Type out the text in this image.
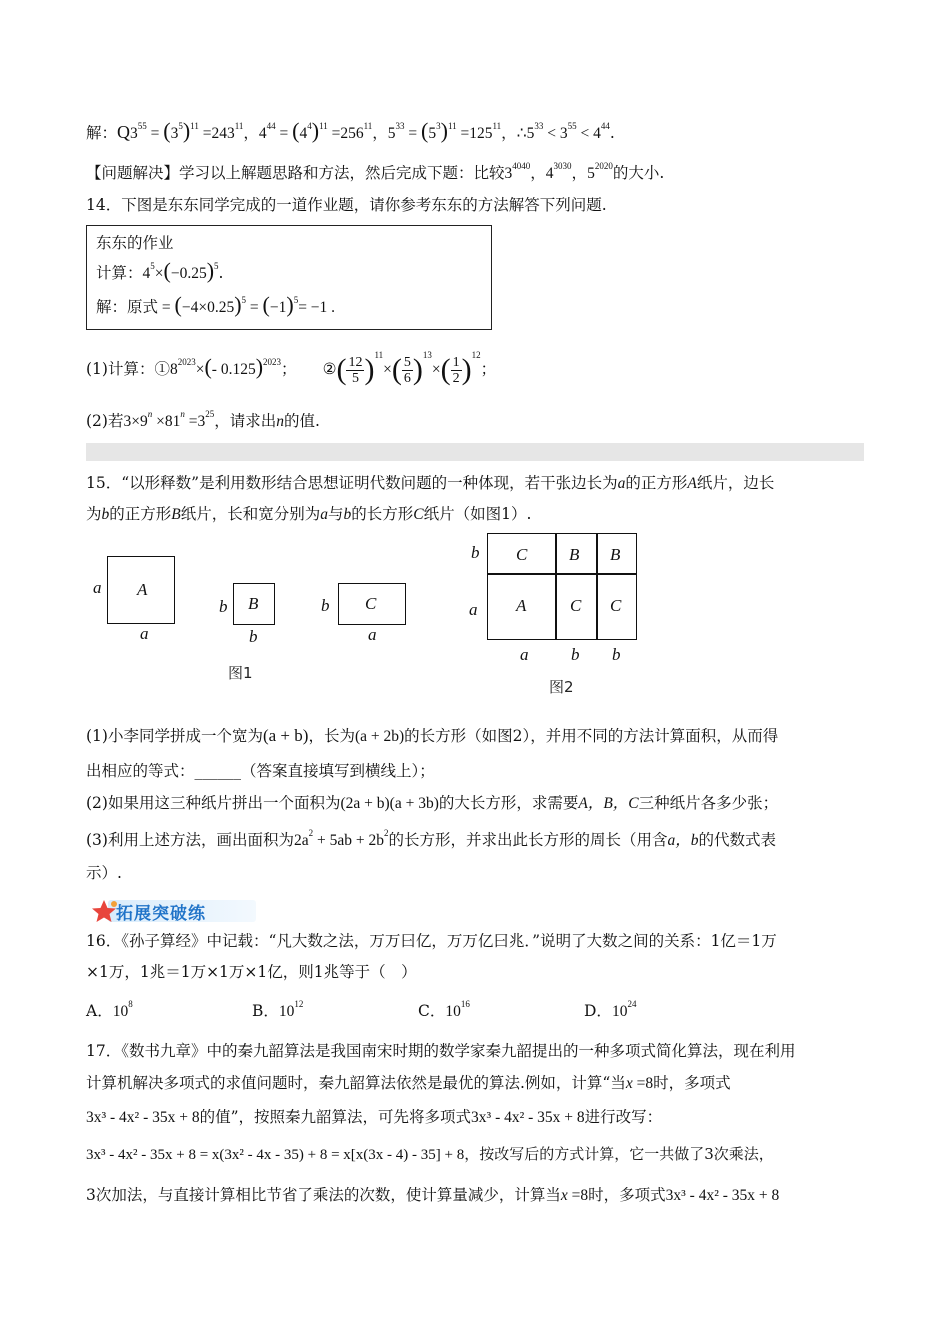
解：$Q3^{55} = (3^5)^{11} =243^{11}$，$4^{44} = (4^4)^{11} =256^{11}$，$5^{33} = (5^3)^{11} =125^{11}$，$\therefore 5^{33} < 3^{55} < 4^{44}$.
【问题解决】学习以上解题思路和方法，然后完成下题：比较$3^{4040}$，$4^{3030}$，$5^{2020}$的大小.
14．下图是东东同学完成的一道作业题，请你参考东东的方法解答下列问题.
东东的作业
计算：$4^5\times(-0.25)^5$.
解：原式 = $(-4\times 0.25)^5 = (-1)^5= -1$ .
(1)计算：$①8^{2023}\times(-$ 0.125)$^{2023}$； ②( $\frac{12}{5} )^{11}\times( \frac{5}{6} )^{13}\times( \frac{1}{2} )^{12}$；
(2)若$3\times 9^n \times 81^n =3^{25}$，请求出n的值.
15．“以形释数”是利用数形结合思想证明代数问题的一种体现，若干张边长为a的正方形A纸片，边长
为b的正方形B纸片，长和宽分别为a与b的长方形C纸片（如图1）.
A
a
a
B
b
b
C
b
a
图1
C B B
A	C C
b
a
a	b b
图2
(1)小李同学拼成一个宽为(a + b)，长为(a + 2b)的长方形（如图2），并用不同的方法计算面积，从而得
出相应的等式：______（答案直接填写到横线上）；
(2)如果用这三种纸片拼出一个面积为(2a + b)(a + 3b)的大长方形，求需要A，B，C三种纸片各多少张；
(3)利用上述方法，画出面积为$2a^2 + 5ab + 2b^2$的长方形，并求出此长方形的周长（用含a，b的代数式表
示）.
拓展突破练
16．《孙子算经》中记载：“凡大数之法，万万曰亿，万万亿曰兆．”说明了大数之间的关系：1亿＝1万
×1万，1兆＝1万×1万×1亿，则1兆等于（　）
A．$10^8$	B．$10^{12}$	C．$10^{16}$	D．$10^{24}$
17．《数书九章》中的秦九韶算法是我国南宋时期的数学家秦九韶提出的一种多项式简化算法，现在利用
计算机解决多项式的求值问题时，秦九韶算法依然是最优的算法.例如，计算“当x =8时，多项式
3x³ - 4x² - 35x + 8的值”，按照秦九韶算法，可先将多项式3x³ - 4x² - 35x + 8进行改写：
3x³ - 4x² - 35x + 8 = x(3x² - 4x - 35) + 8 = x[x(3x - 4) - 35] + 8，按改写后的方式计算，它一共做了3次乘法，
3次加法，与直接计算相比节省了乘法的次数，使计算量减少，计算当x =8时，多项式3x³ - 4x² - 35x + 8
